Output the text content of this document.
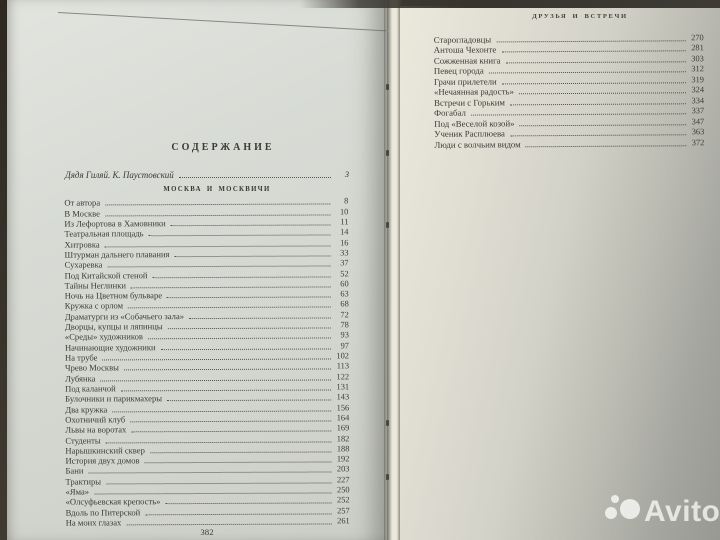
СОДЕРЖАНИЕ
Дядя Гиляй. К. Паустовский	3
МОСКВА И МОСКВИЧИ
От автора	8
В Москве	10
Из Лефортова в Хамовники	11
Театральная площадь	14
Хитровка	16
Штурман дальнего плавания	33
Сухаревка	37
Под Китайской стеной	52
Тайны Неглинки	60
Ночь на Цветном бульваре	63
Кружка с орлом	68
Драматурги из «Собачьего зала»	72
Дворцы, купцы и ляпинцы	78
«Среды» художников	93
Начинающие художники	97
На трубе	102
Чрево Москвы	113
Лубянка	122
Под каланчой	131
Булочники и парикмахеры	143
Два кружка	156
Охотничий клуб	164
Львы на воротах	169
Студенты	182
Нарышкинский сквер	188
История двух домов	192
Бани	203
Трактиры	227
«Яма»	250
«Олсуфьевская крепость»	252
Вдоль по Питерской	257
На моих глазах	261
382
ДРУЗЬЯ И ВСТРЕЧИ
Старогладовцы	270
Антоша Чехонте	281
Сожженная книга	303
Певец города	312
Грачи прилетели	319
«Нечаянная радость»	324
Встречи с Горьким	334
Фогабал	337
Под «Веселой козой»	347
Ученик Расплюева	363
Люди с волчьим видом	372
Avito
